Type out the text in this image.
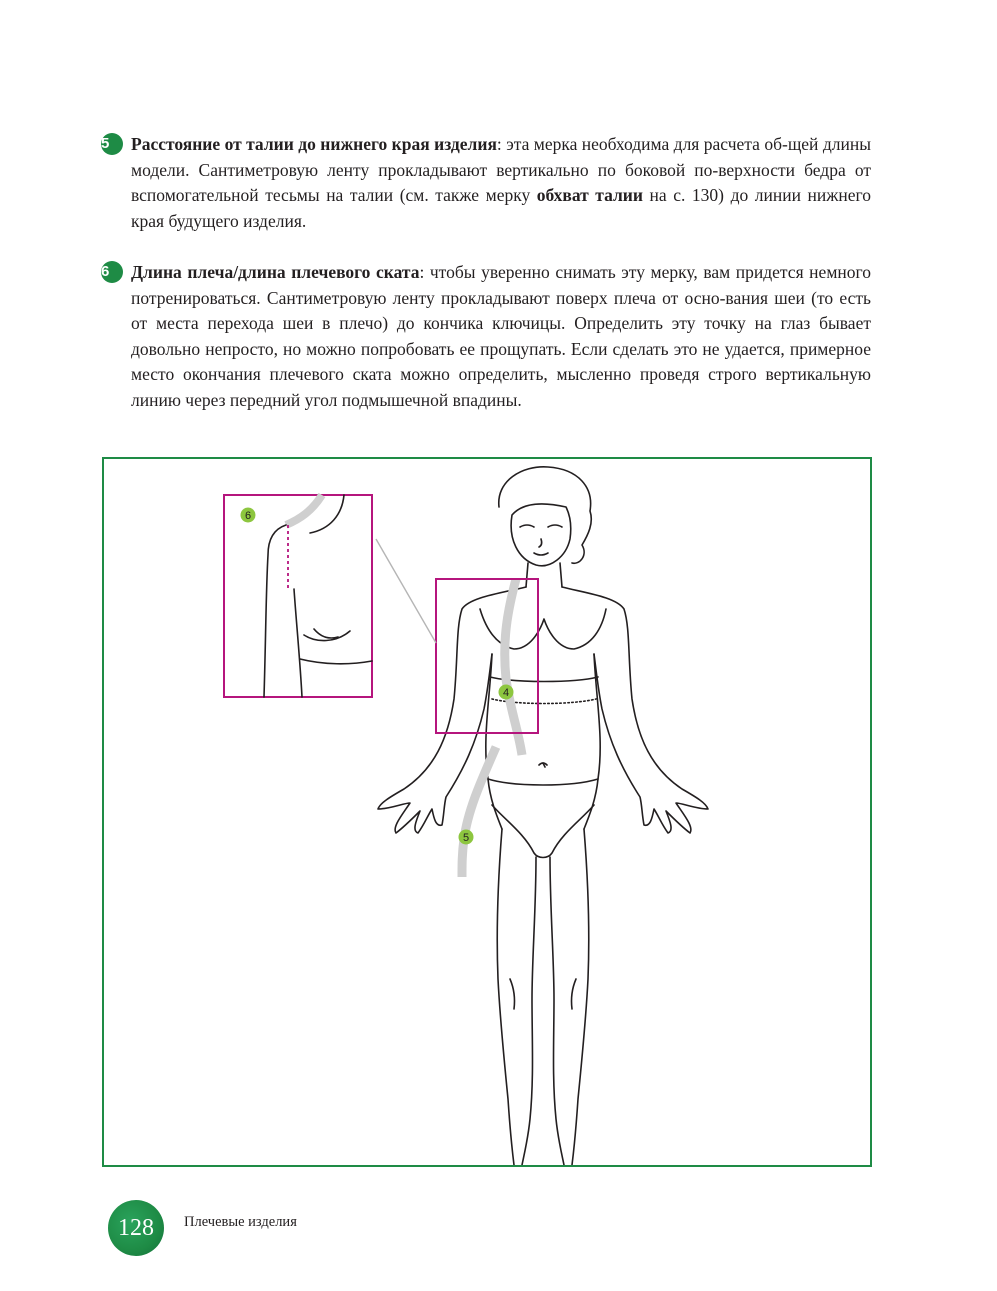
5	Расстояние от талии до нижнего края изделия: эта мерка необходима для расчета об-щей длины модели. Сантиметровую ленту прокладывают вертикально по боковой по-верхности бедра от вспомогательной тесьмы на талии (см. также мерку обхват талии на с. 130) до линии нижнего края будущего изделия.
6	Длина плеча/длина плечевого ската: чтобы уверенно снимать эту мерку, вам придется немного потренироваться. Сантиметровую ленту прокладывают поверх плеча от осно-вания шеи (то есть от места перехода шеи в плечо) до кончика ключицы. Определить эту точку на глаз бывает довольно непросто, но можно попробовать ее прощупать. Если сделать это не удается, примерное место окончания плечевого ската можно определить, мысленно проведя строго вертикальную линию через передний угол подмышечной впадины.
6
4
5
128	Плечевые изделия
